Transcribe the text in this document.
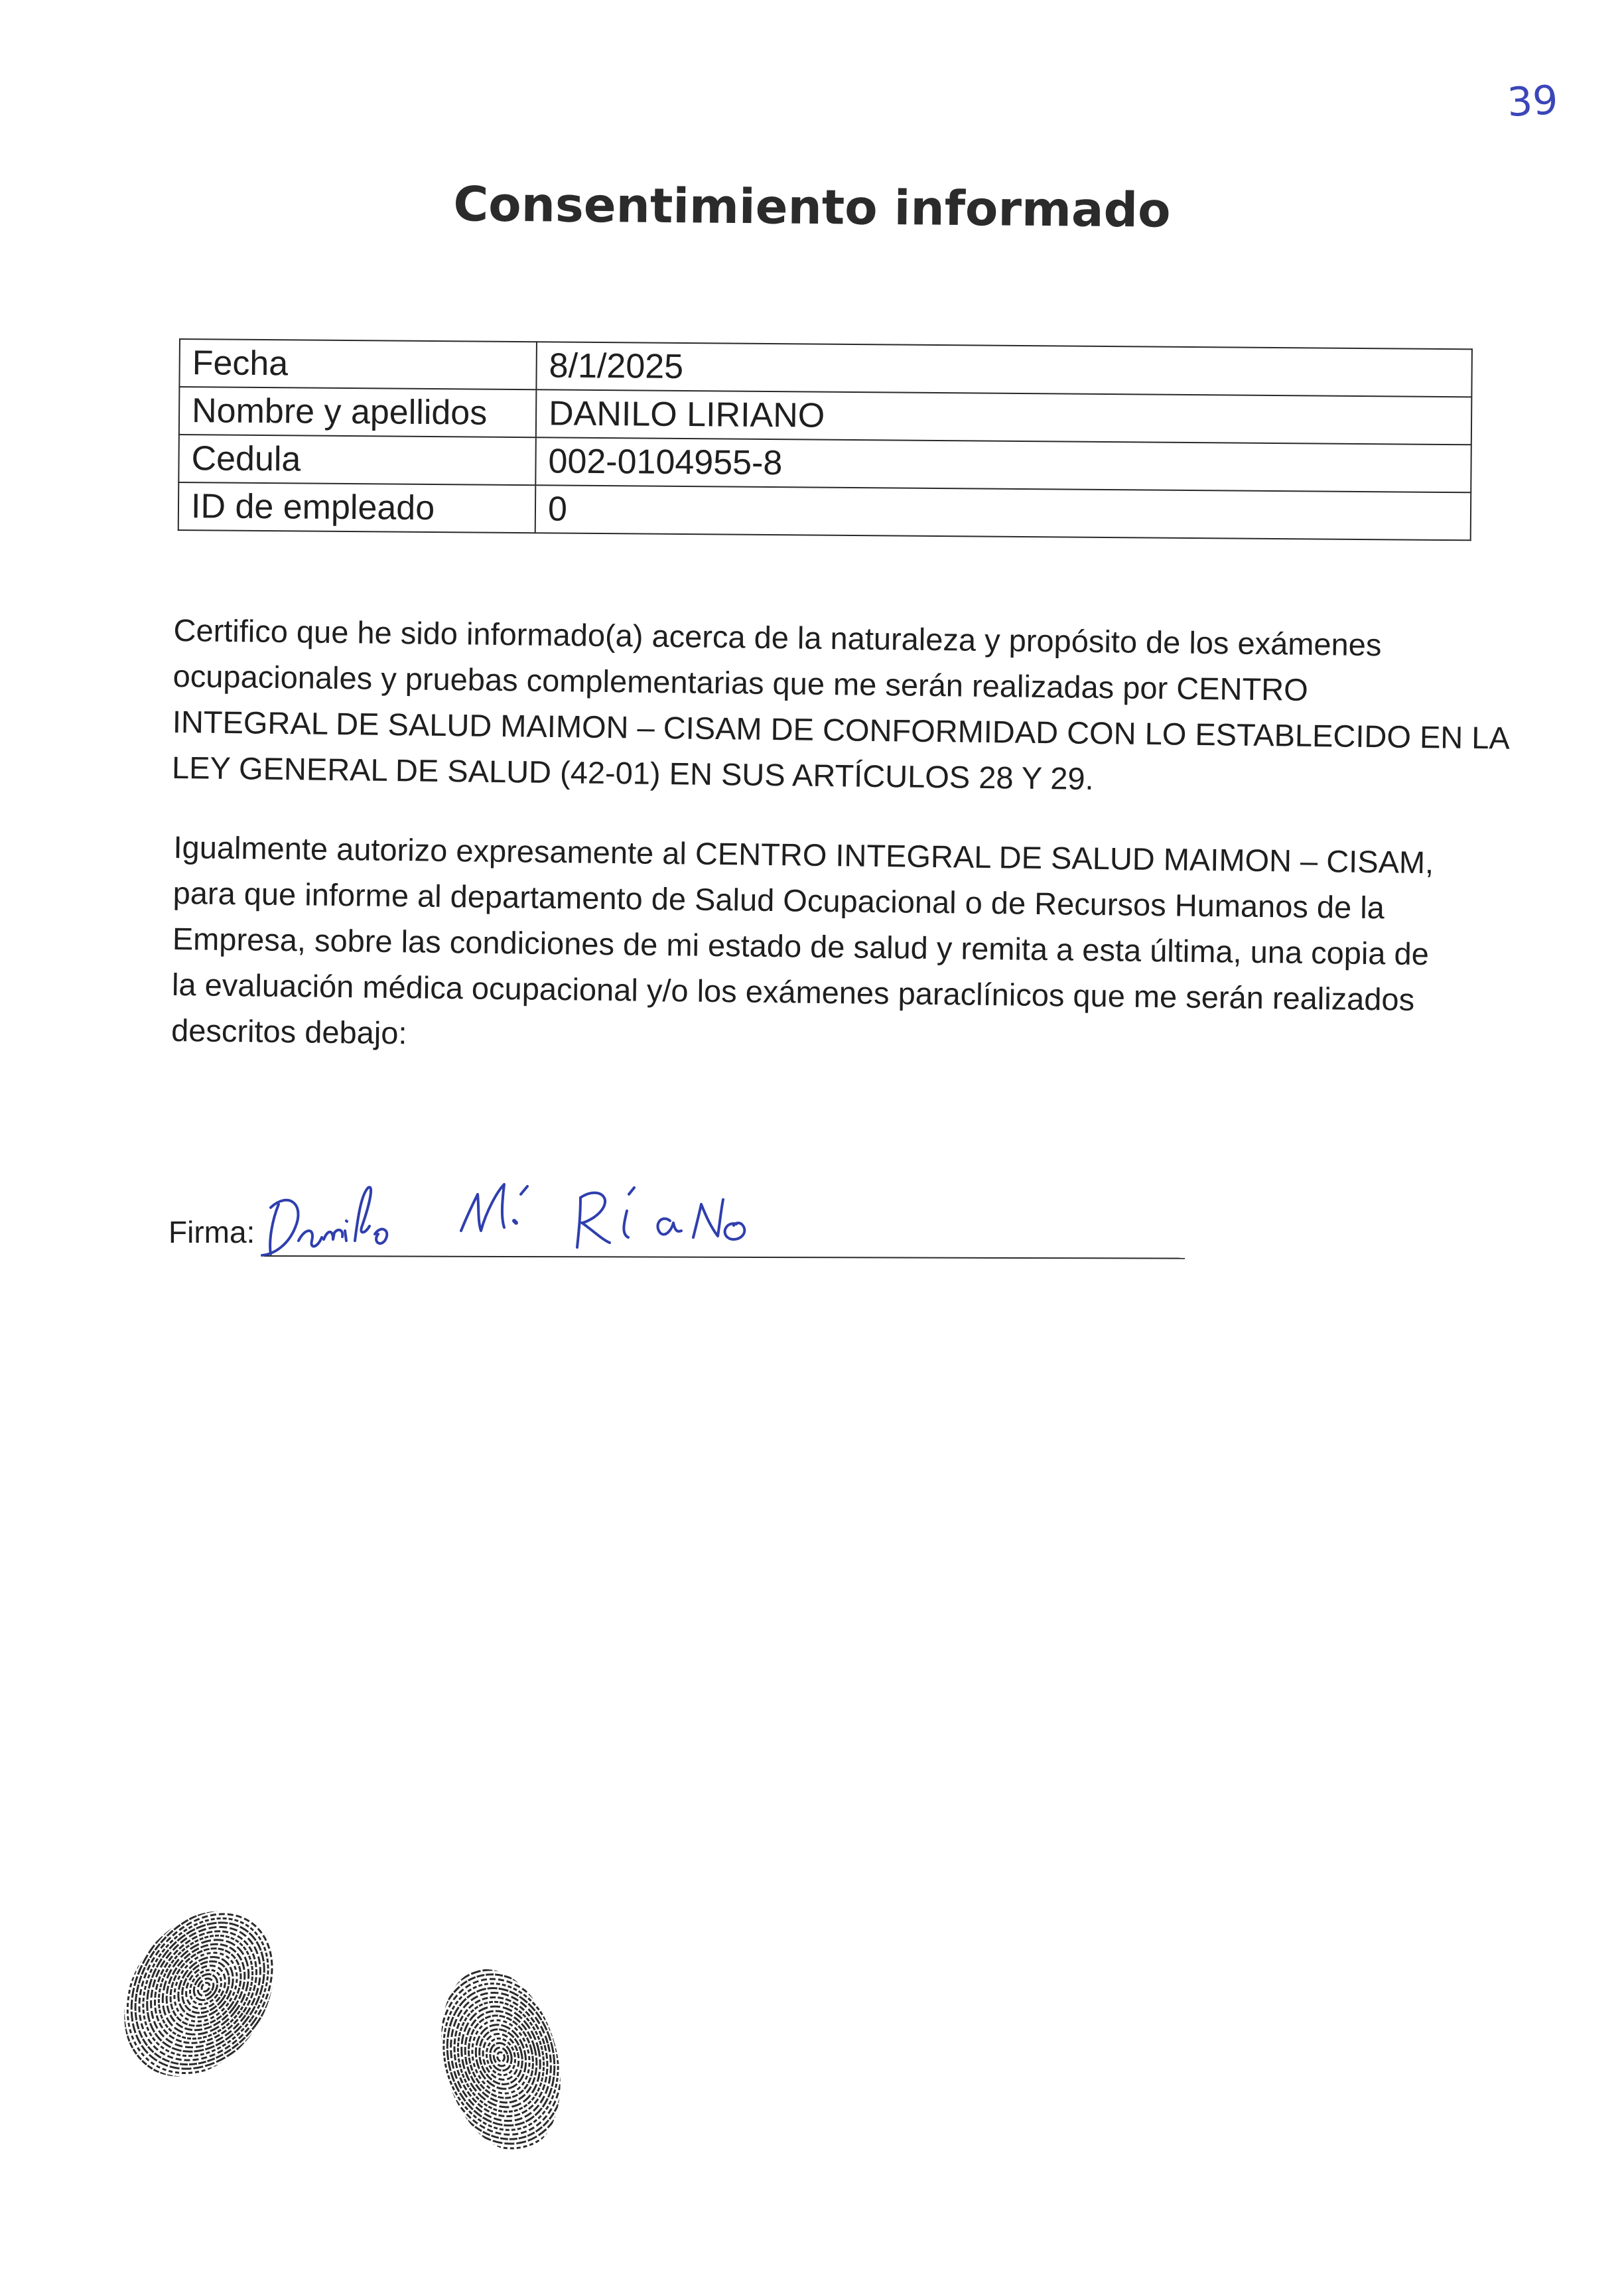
39
Consentimiento informado
Fecha	8/1/2025
Nombre y apellidos	DANILO LIRIANO
Cedula	002-0104955-8
ID de empleado	0
Certifico que he sido informado(a) acerca de la naturaleza y propósito de los exámenes
ocupacionales y pruebas complementarias que me serán realizadas por CENTRO
INTEGRAL DE SALUD MAIMON – CISAM DE CONFORMIDAD CON LO ESTABLECIDO EN LA
LEY GENERAL DE SALUD (42-01) EN SUS ARTÍCULOS 28 Y 29.
Igualmente autorizo expresamente al CENTRO INTEGRAL DE SALUD MAIMON – CISAM,
para que informe al departamento de Salud Ocupacional o de Recursos Humanos de la
Empresa, sobre las condiciones de mi estado de salud y remita a esta última, una copia de
la evaluación médica ocupacional y/o los exámenes paraclínicos que me serán realizados
descritos debajo:
Firma:
